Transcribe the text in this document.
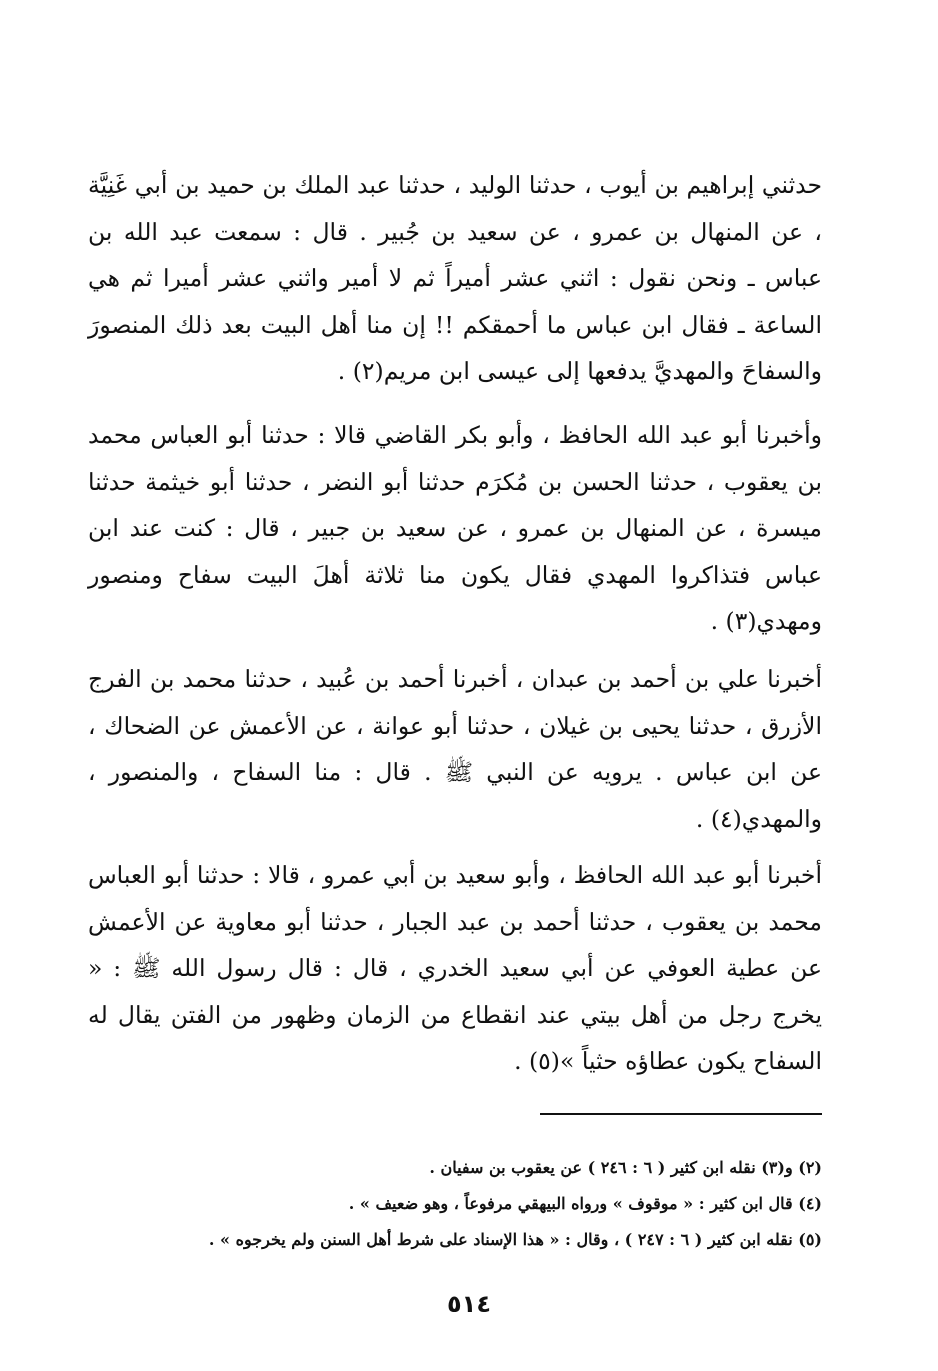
حدثني إبراهيم بن أيوب ، حدثنا الوليد ، حدثنا عبد الملك بن حميد بن أبي غَنِيَّة ، عن المنهال بن عمرو ، عن سعيد بن جُبير . قال : سمعت عبد الله بن عباس ـ ونحن نقول : اثني عشر أميراً ثم لا أمير واثني عشر أميرا ثم هي الساعة ـ فقال ابن عباس ما أحمقكم !! إن منا أهل البيت بعد ذلك المنصورَ والسفاحَ والمهديَّ يدفعها إلى عيسى ابن مريم(٢) .

وأخبرنا أبو عبد الله الحافظ ، وأبو بكر القاضي قالا : حدثنا أبو العباس محمد بن يعقوب ، حدثنا الحسن بن مُكرَم حدثنا أبو النضر ، حدثنا أبو خيثمة حدثنا ميسرة ، عن المنهال بن عمرو ، عن سعيد بن جبير ، قال : كنت عند ابن عباس فتذاكروا المهدي فقال يكون منا ثلاثة أهلَ البيت سفاح ومنصور ومهدي(٣) .

أخبرنا علي بن أحمد بن عبدان ، أخبرنا أحمد بن عُبيد ، حدثنا محمد بن الفرج الأزرق ، حدثنا يحيى بن غيلان ، حدثنا أبو عوانة ، عن الأعمش عن الضحاك ، عن ابن عباس . يرويه عن النبي ﷺ . قال : منا السفاح ، والمنصور ، والمهدي(٤) .

أخبرنا أبو عبد الله الحافظ ، وأبو سعيد بن أبي عمرو ، قالا : حدثنا أبو العباس محمد بن يعقوب ، حدثنا أحمد بن عبد الجبار ، حدثنا أبو معاوية عن الأعمش عن عطية العوفي عن أبي سعيد الخدري ، قال : قال رسول الله ﷺ : « يخرج رجل من أهل بيتي عند انقطاع من الزمان وظهور من الفتن يقال له السفاح يكون عطاؤه حثياً »(٥) .

(٢) و(٣) نقله ابن كثير ( ٦ : ٢٤٦ ) عن يعقوب بن سفيان .

(٤) قال ابن كثير : « موقوف » ورواه البيهقي مرفوعاً ، وهو ضعيف » .

(٥) نقله ابن كثير ( ٦ : ٢٤٧ ) ، وقال : « هذا الإسناد على شرط أهل السنن ولم يخرجوه » .

٥١٤
